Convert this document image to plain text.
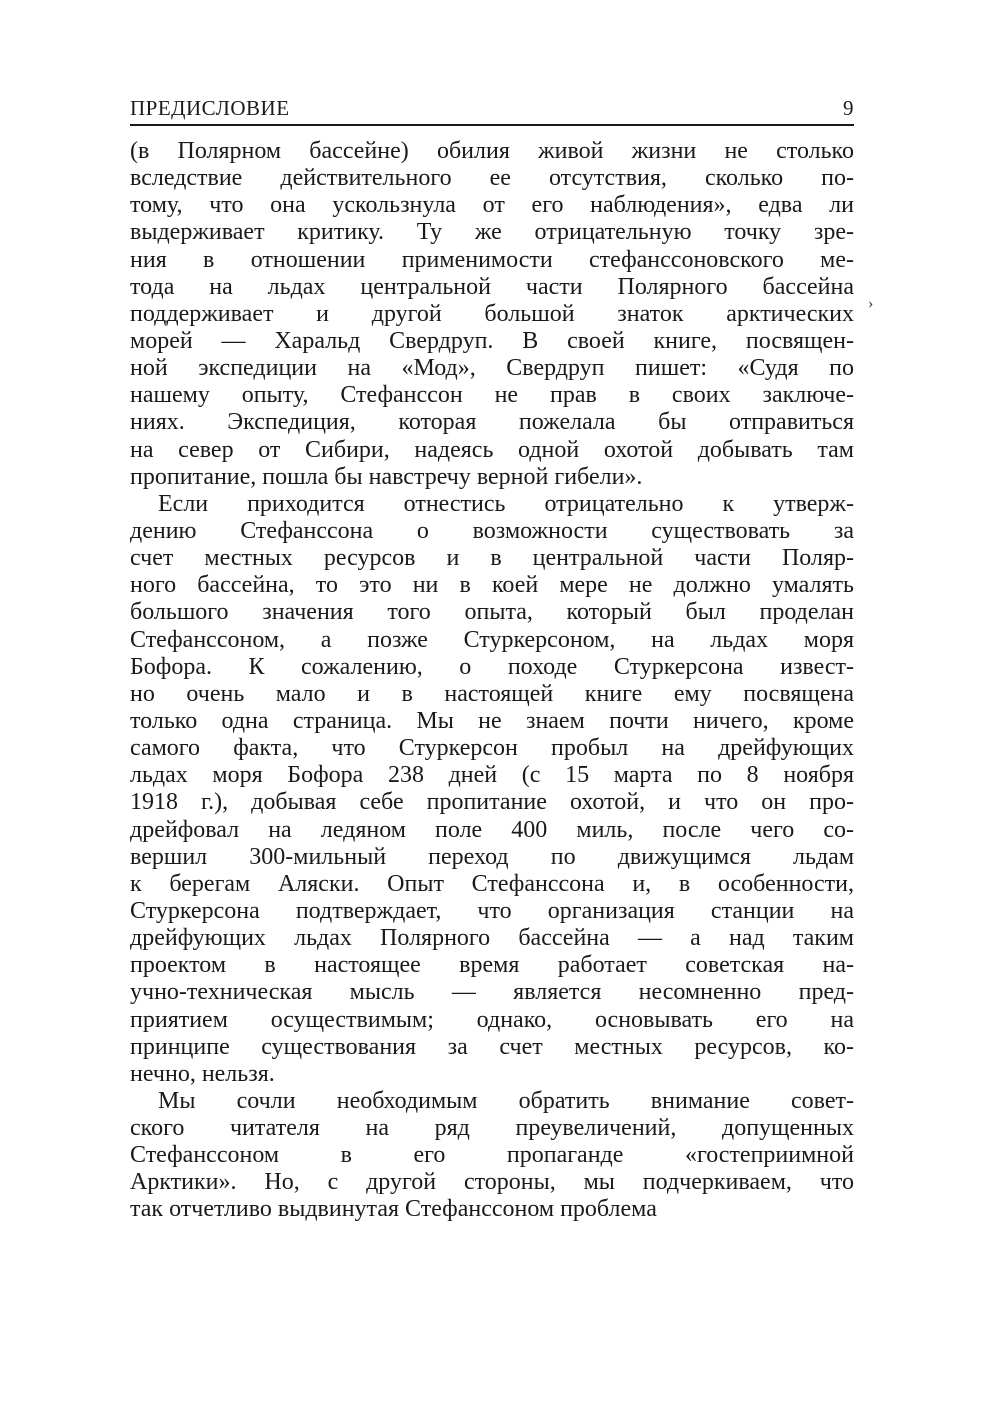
ПРЕДИСЛОВИЕ	9
(в Полярном бассейне) обилия живой жизни не столько
вследствие действительного ее отсутствия, сколько по-
тому, что она ускользнула от его наблюдения», едва ли
выдерживает критику. Ту же отрицательную точку зре-
ния в отношении применимости стефанссоновского ме-
тода на льдах центральной части Полярного бассейна
поддерживает и другой большой знаток арктических
морей — Харальд Свердруп. В своей книге, посвящен-
ной экспедиции на «Мод», Свердруп пишет: «Судя по
нашему опыту, Стефанссон не прав в своих заключе-
ниях. Экспедиция, которая пожелала бы отправиться
на север от Сибири, надеясь одной охотой добывать там
пропитание, пошла бы навстречу верной гибели».
Если приходится отнестись отрицательно к утверж-
дению Стефанссона о возможности существовать за
счет местных ресурсов и в центральной части Поляр-
ного бассейна, то это ни в коей мере не должно умалять
большого значения того опыта, который был проделан
Стефанссоном, а позже Стуркерсоном, на льдах моря
Бофора. К сожалению, о походе Стуркерсона извест-
но очень мало и в настоящей книге ему посвящена
только одна страница. Мы не знаем почти ничего, кроме
самого факта, что Стуркерсон пробыл на дрейфующих
льдах моря Бофора 238 дней (с 15 марта по 8 ноября
1918 г.), добывая себе пропитание охотой, и что он про-
дрейфовал на ледяном поле 400 миль, после чего со-
вершил 300-мильный переход по движущимся льдам
к берегам Аляски. Опыт Стефанссона и, в особенности,
Стуркерсона подтверждает, что организация станции на
дрейфующих льдах Полярного бассейна — а над таким
проектом в настоящее время работает советская на-
учно-техническая мысль — является несомненно пред-
приятием осуществимым; однако, основывать его на
принципе существования за счет местных ресурсов, ко-
нечно, нельзя.
Мы сочли необходимым обратить внимание совет-
ского читателя на ряд преувеличений, допущенных
Стефанссоном в его пропаганде «гостеприимной
Арктики». Но, с другой стороны, мы подчеркиваем, что
так отчетливо выдвинутая Стефанссоном проблема
›
